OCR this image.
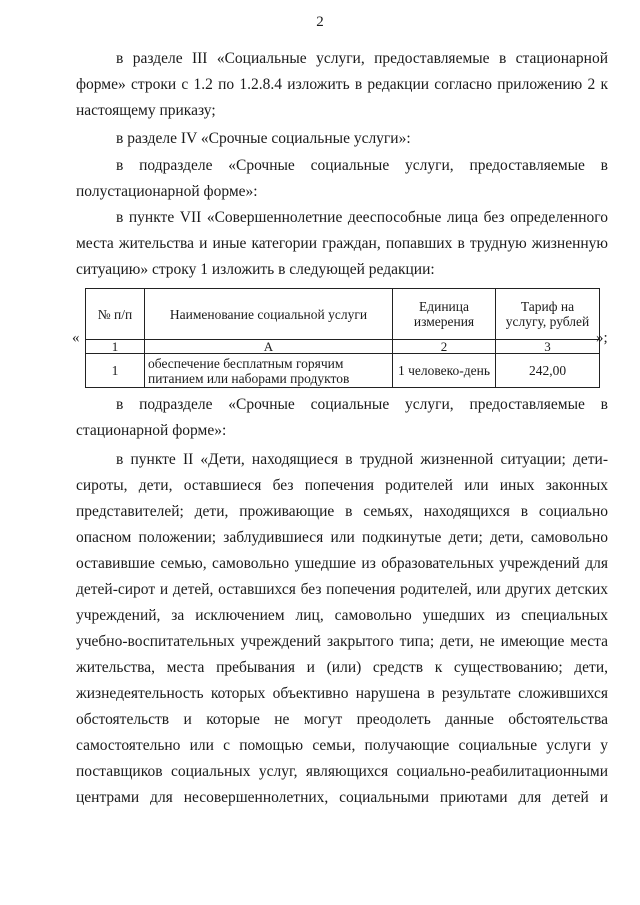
2
в разделе III «Социальные услуги, предоставляемые в стационарной
форме» строки с 1.2 по 1.2.8.4 изложить в редакции согласно приложению 2 к
настоящему приказу;
в разделе IV «Срочные социальные услуги»:
в подразделе «Срочные социальные услуги, предоставляемые в
полустационарной форме»:
в пункте VII «Совершеннолетние дееспособные лица без определенного
места жительства и иные категории граждан, попавших в трудную жизненную
ситуацию» строку 1 изложить в следующей редакции:
«
№ п/п	Наименование социальной услуги	Единица измерения	Тариф на услугу, рублей
1	А	2	3
1	обеспечение бесплатным горячим питанием или наборами продуктов	1 человеко-день	242,00
»;
в подразделе «Срочные социальные услуги, предоставляемые в
стационарной форме»:
в пункте II «Дети, находящиеся в трудной жизненной ситуации; дети-
сироты, дети, оставшиеся без попечения родителей или иных законных
представителей; дети, проживающие в семьях, находящихся в социально
опасном положении; заблудившиеся или подкинутые дети; дети, самовольно
оставившие семью, самовольно ушедшие из образовательных учреждений для
детей-сирот и детей, оставшихся без попечения родителей, или других детских
учреждений, за исключением лиц, самовольно ушедших из специальных
учебно-воспитательных учреждений закрытого типа; дети, не имеющие места
жительства, места пребывания и (или) средств к существованию; дети,
жизнедеятельность которых объективно нарушена в результате сложившихся
обстоятельств и которые не могут преодолеть данные обстоятельства
самостоятельно или с помощью семьи, получающие социальные услуги у
поставщиков социальных услуг, являющихся социально-реабилитационными
центрами для несовершеннолетних, социальными приютами для детей и
